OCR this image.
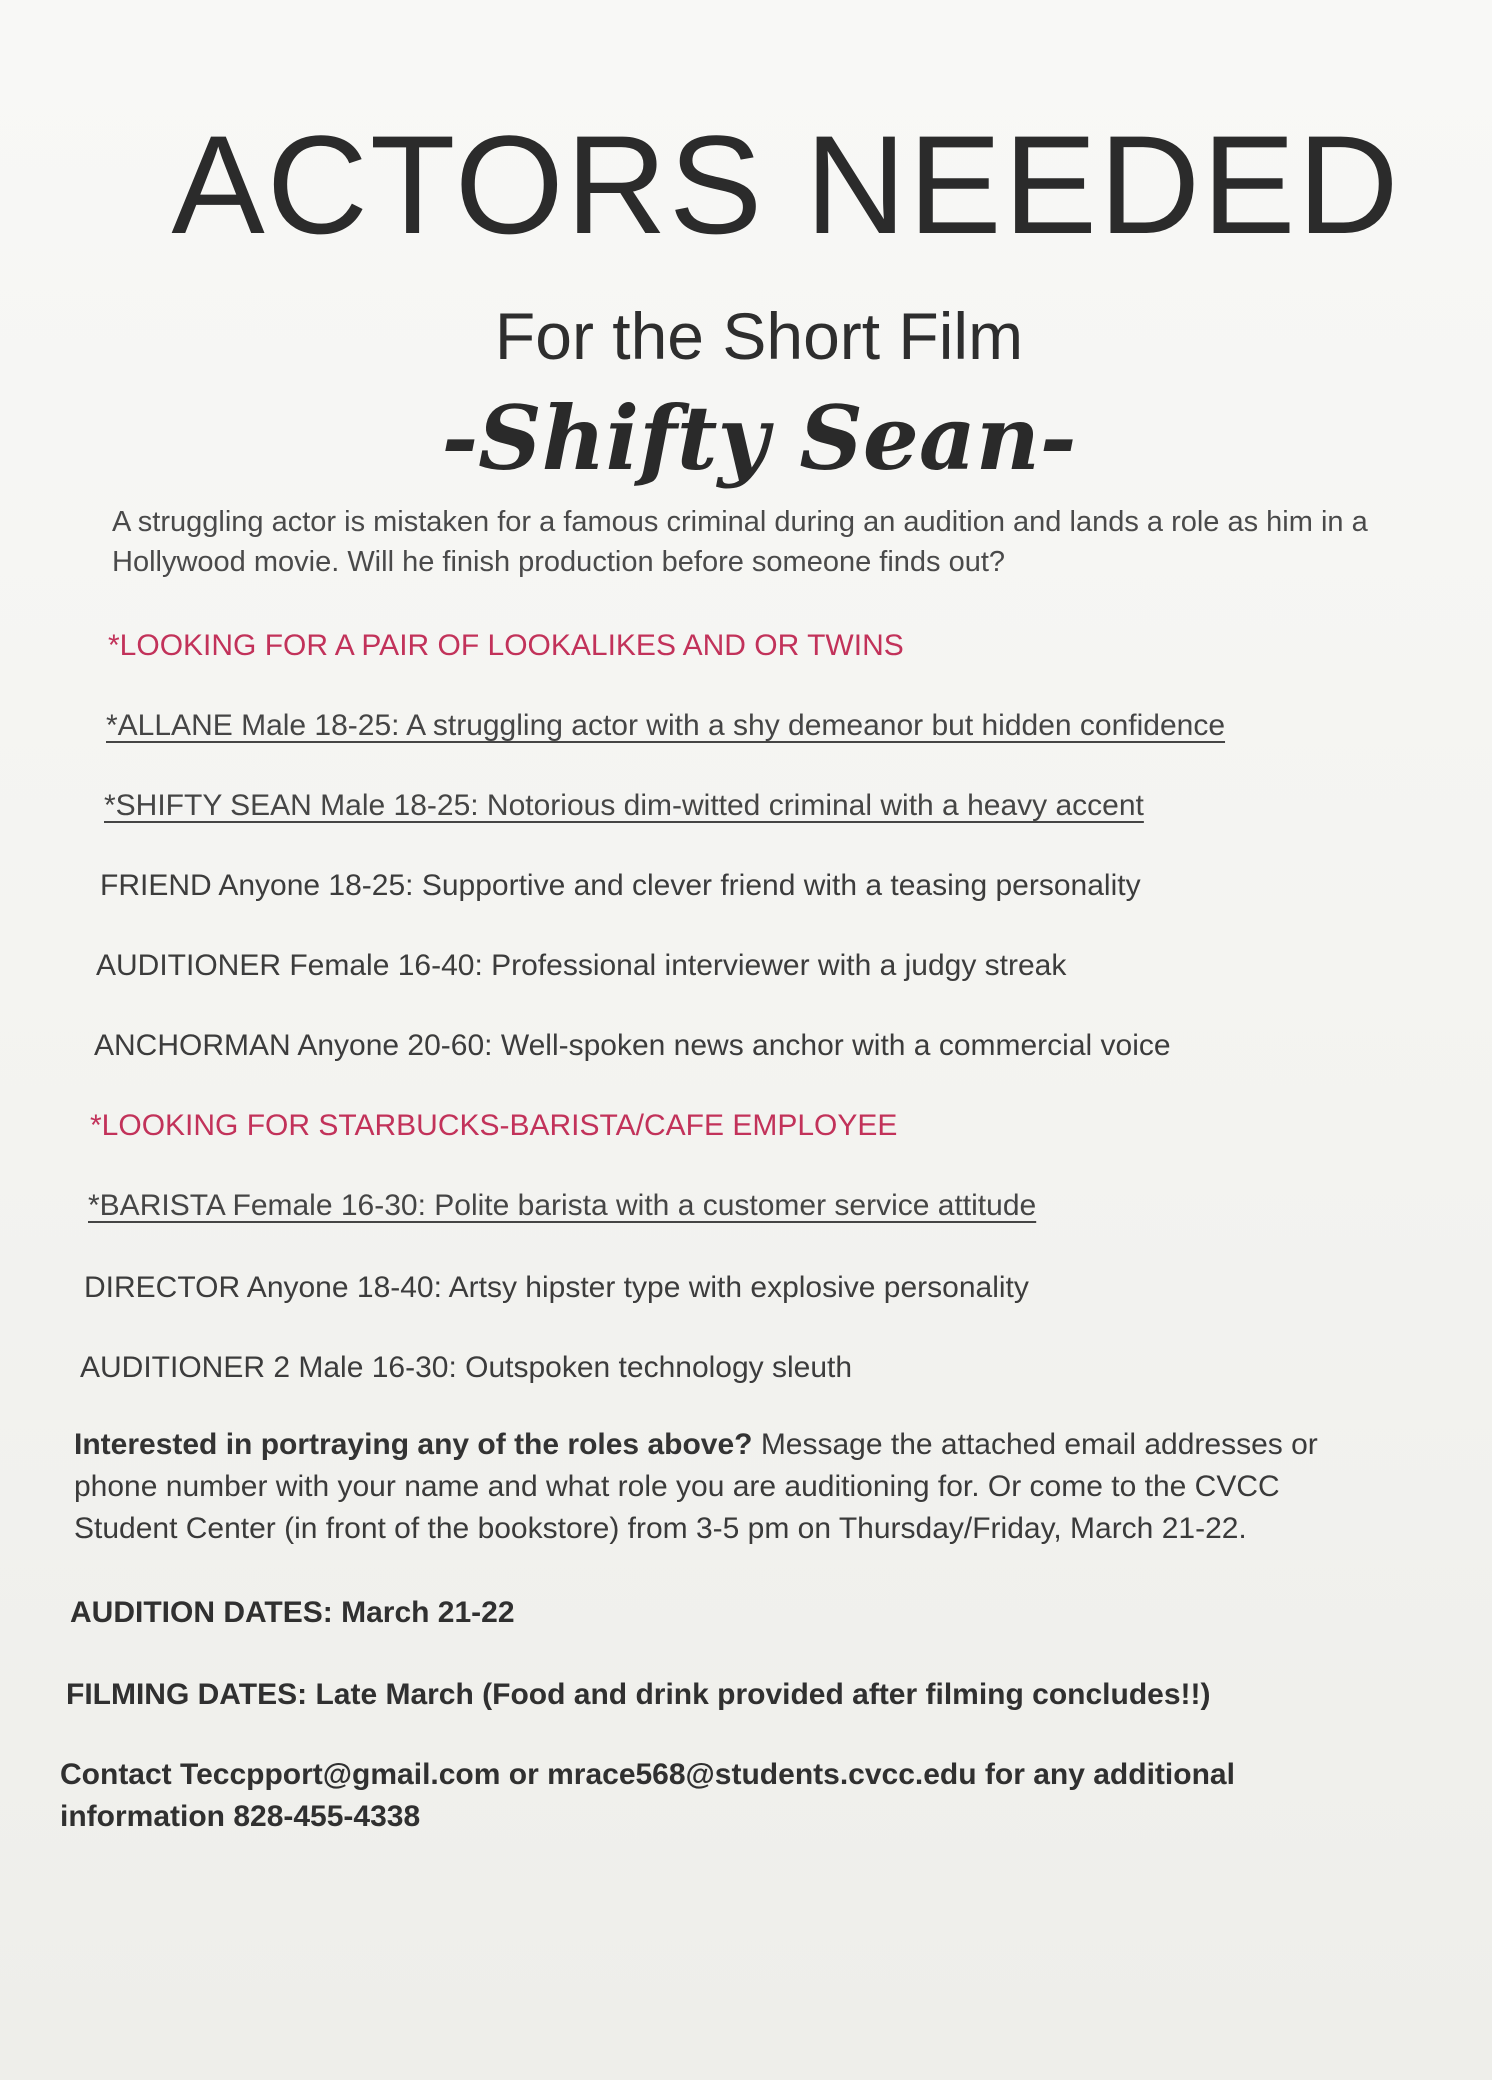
ACTORS NEEDED
For the Short Film
-Shifty Sean-

A struggling actor is mistaken for a famous criminal during an audition and lands a role as him in a Hollywood movie. Will he finish production before someone finds out?

*LOOKING FOR A PAIR OF LOOKALIKES AND OR TWINS

*ALLANE Male 18-25: A struggling actor with a shy demeanor but hidden confidence

*SHIFTY SEAN Male 18-25: Notorious dim-witted criminal with a heavy accent

FRIEND Anyone 18-25: Supportive and clever friend with a teasing personality

AUDITIONER Female 16-40: Professional interviewer with a judgy streak

ANCHORMAN Anyone 20-60: Well-spoken news anchor with a commercial voice

*LOOKING FOR STARBUCKS-BARISTA/CAFE EMPLOYEE

*BARISTA Female 16-30: Polite barista with a customer service attitude

DIRECTOR Anyone 18-40: Artsy hipster type with explosive personality

AUDITIONER 2 Male 16-30: Outspoken technology sleuth

Interested in portraying any of the roles above? Message the attached email addresses or phone number with your name and what role you are auditioning for. Or come to the CVCC Student Center (in front of the bookstore) from 3-5 pm on Thursday/Friday, March 21-22.

AUDITION DATES: March 21-22

FILMING DATES: Late March (Food and drink provided after filming concludes!!)

Contact Teccpport@gmail.com or mrace568@students.cvcc.edu for any additional information 828-455-4338
